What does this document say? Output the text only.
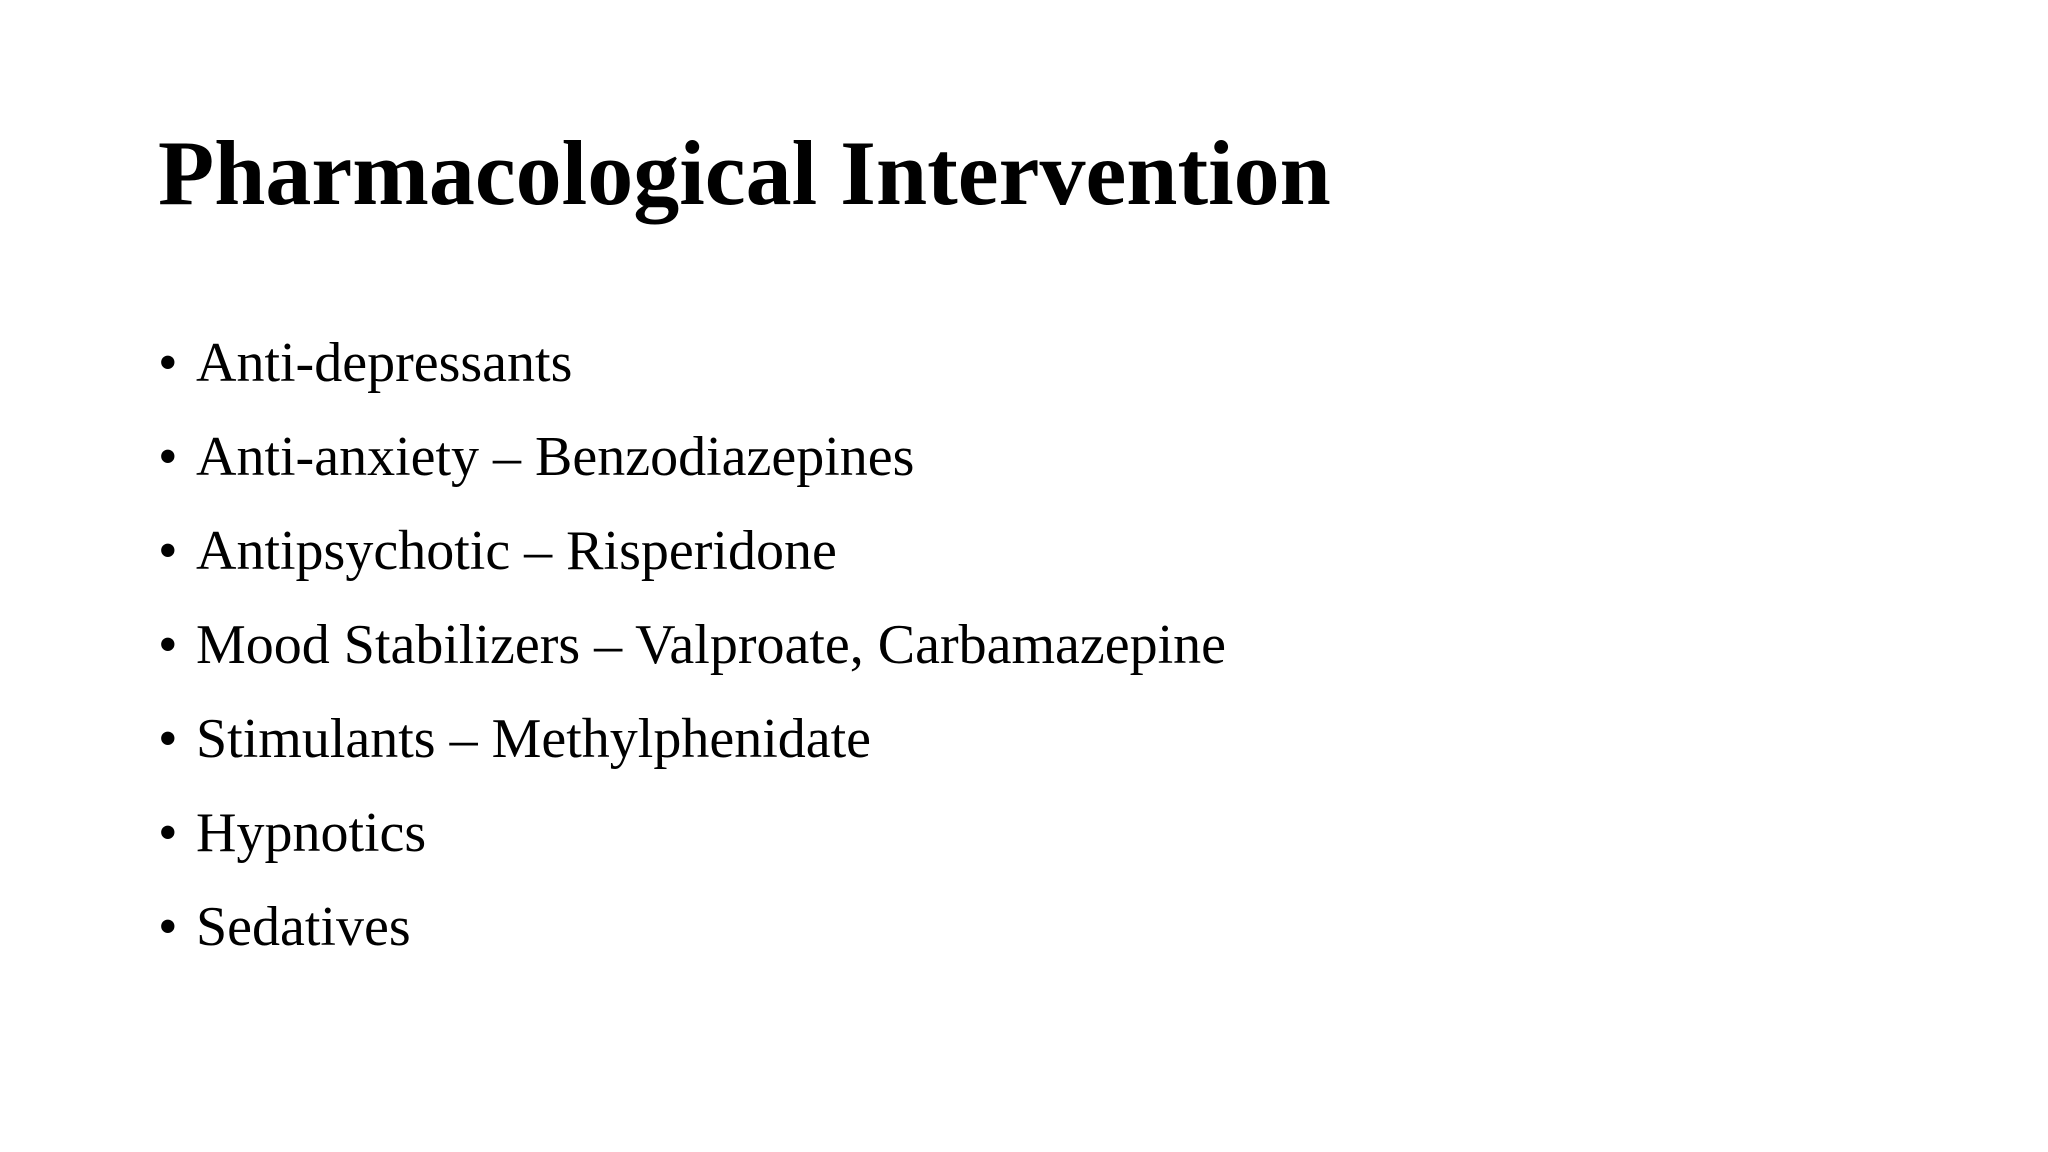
Pharmacological Intervention
• Anti-depressants
• Anti-anxiety – Benzodiazepines
• Antipsychotic – Risperidone
• Mood Stabilizers – Valproate, Carbamazepine
• Stimulants – Methylphenidate
• Hypnotics
• Sedatives
